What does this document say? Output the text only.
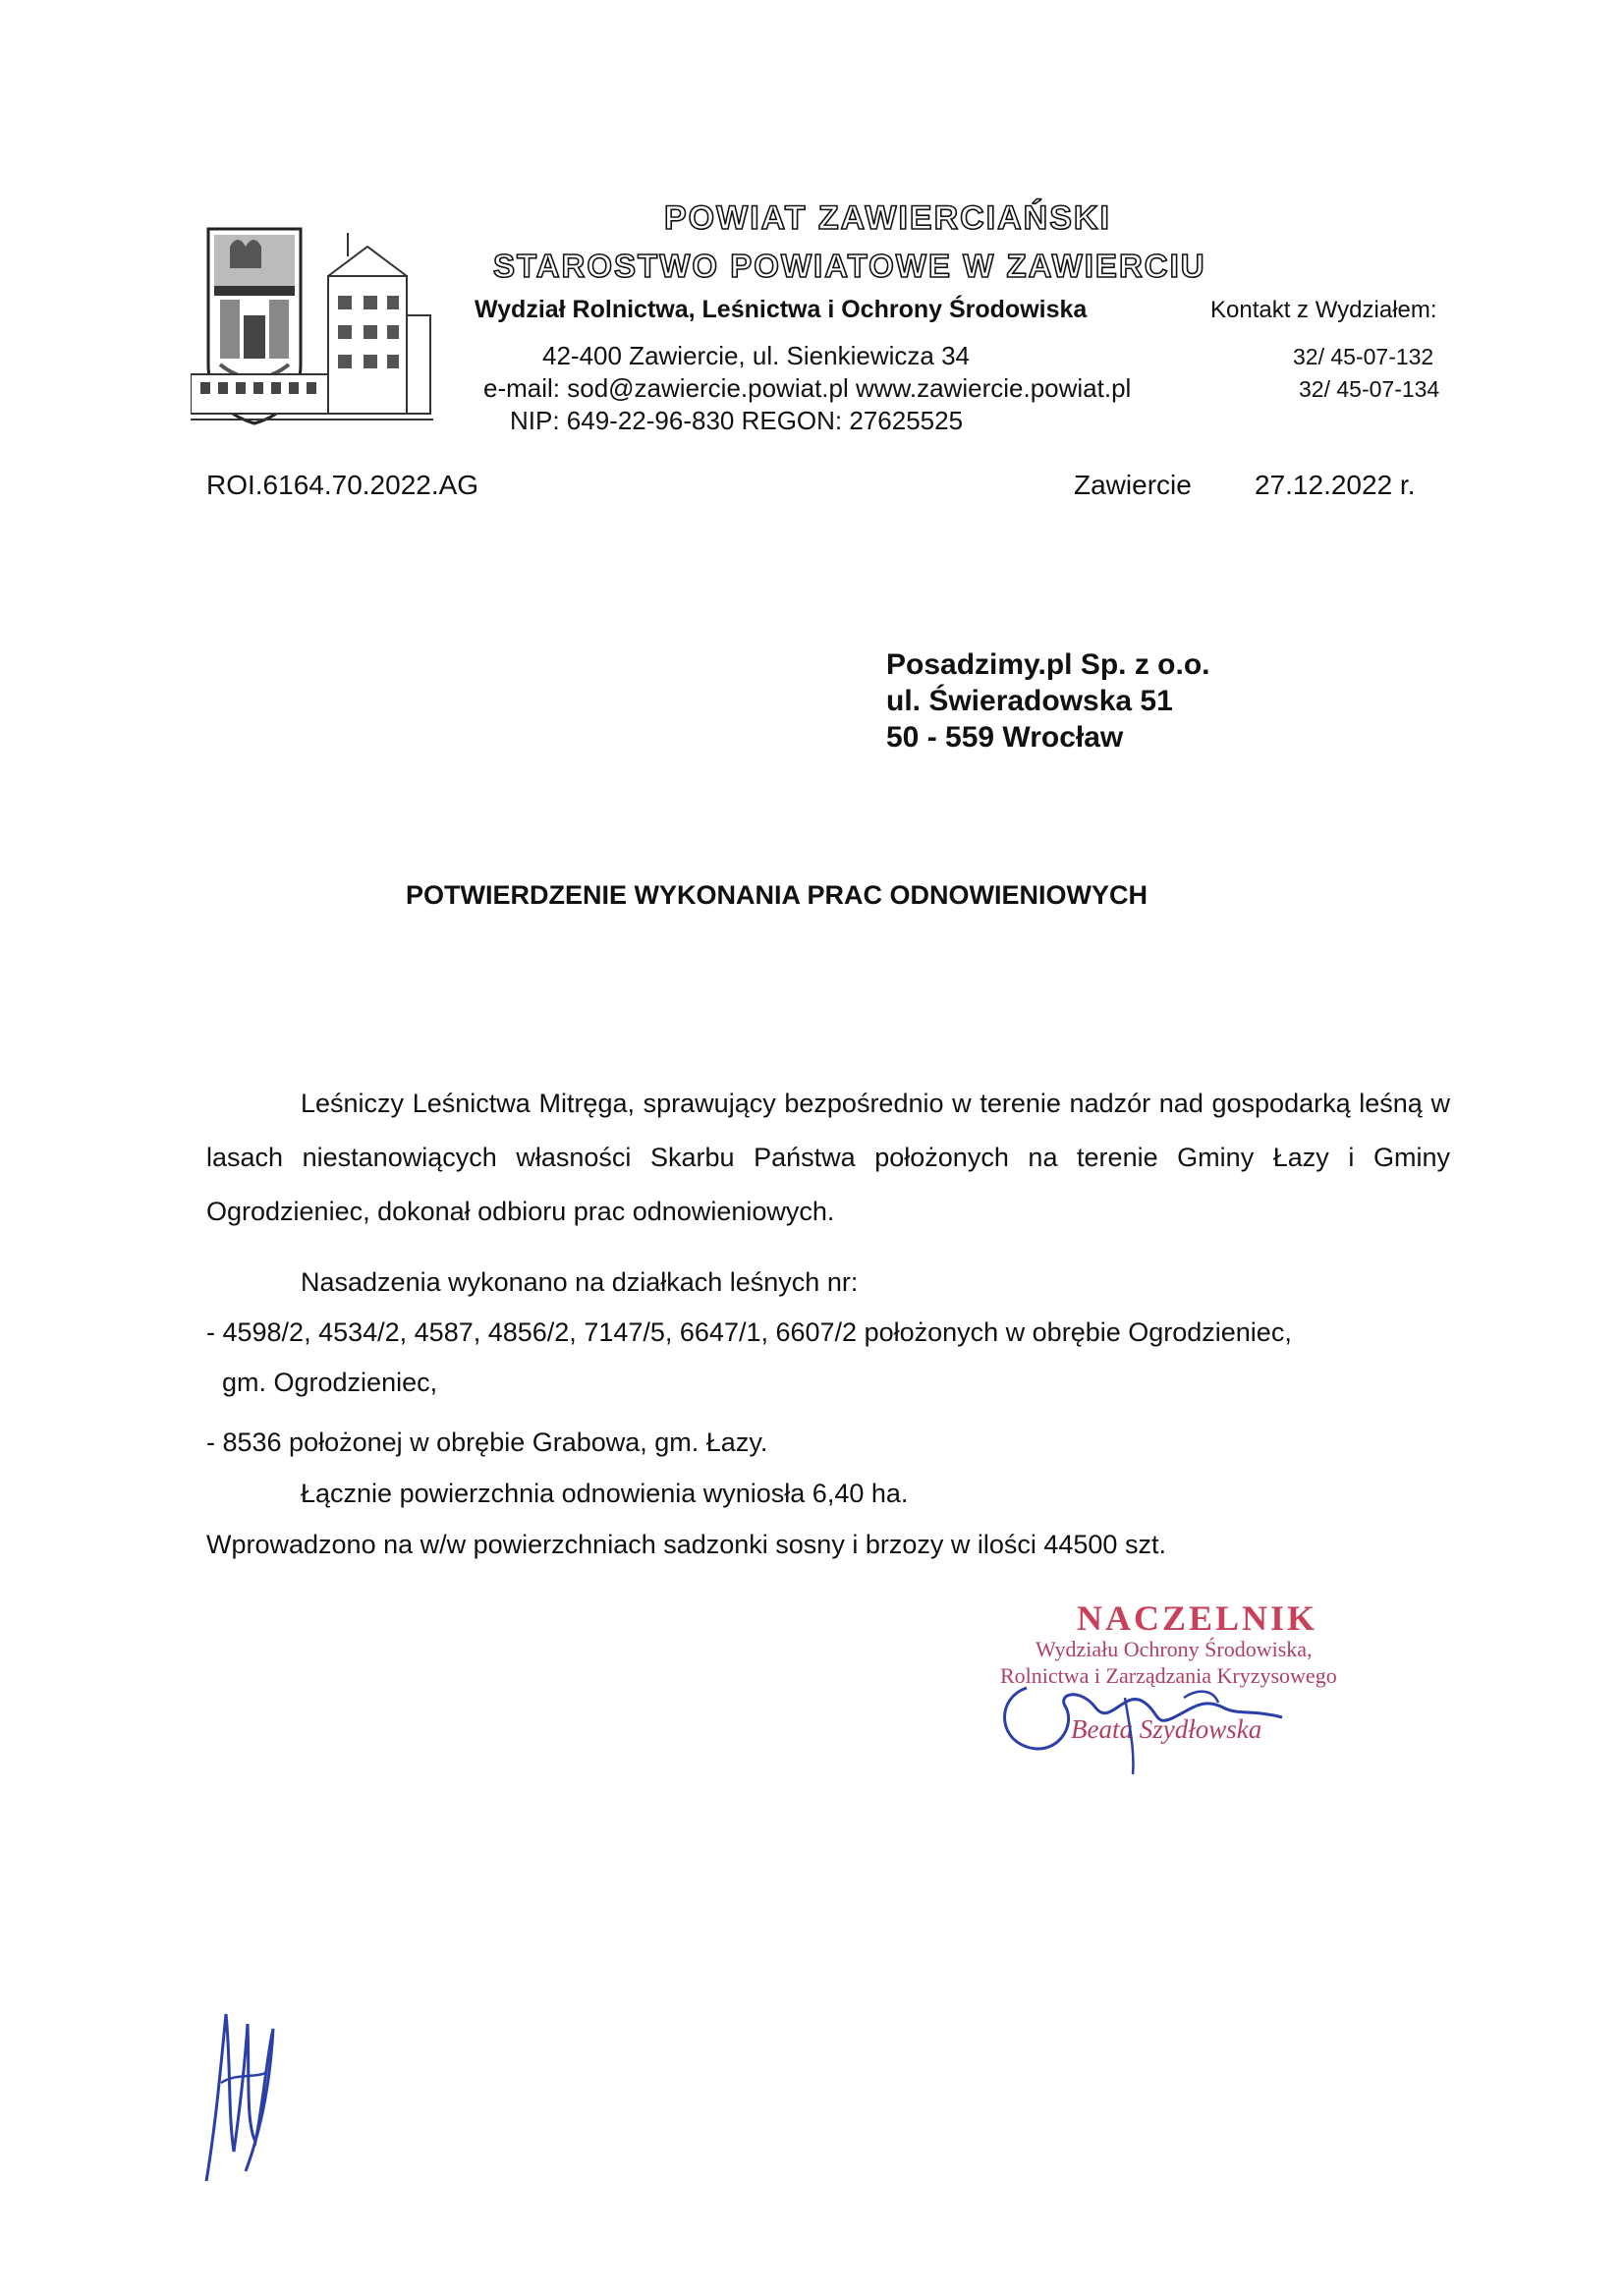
POWIAT ZAWIERCIAŃSKI
STAROSTWO POWIATOWE W ZAWIERCIU
Wydział Rolnictwa, Leśnictwa i Ochrony Środowiska	Kontakt z Wydziałem:
42-400 Zawiercie, ul. Sienkiewicza 34
e-mail: sod@zawiercie.powiat.pl www.zawiercie.powiat.pl
NIP: 649-22-96-830 REGON: 27625525
32/ 45-07-132
32/ 45-07-134
ROI.6164.70.2022.AG	Zawiercie 27.12.2022 r.
Posadzimy.pl Sp. z o.o.
ul. Świeradowska 51
50 - 559 Wrocław
POTWIERDZENIE WYKONANIA PRAC ODNOWIENIOWYCH
Leśniczy Leśnictwa Mitręga, sprawujący bezpośrednio w terenie nadzór nad gospodarką leśną w lasach niestanowiących własności Skarbu Państwa położonych na terenie Gminy Łazy i Gminy Ogrodzieniec, dokonał odbioru prac odnowieniowych.
Nasadzenia wykonano na działkach leśnych nr:
- 4598/2, 4534/2, 4587, 4856/2, 7147/5, 6647/1, 6607/2 położonych w obrębie Ogrodzieniec,
gm. Ogrodzieniec,
- 8536 położonej w obrębie Grabowa, gm. Łazy.
Łącznie powierzchnia odnowienia wyniosła 6,40 ha.
Wprowadzono na w/w powierzchniach sadzonki sosny i brzozy w ilości 44500 szt.
NACZELNIK
Wydziału Ochrony Środowiska,
Rolnictwa i Zarządzania Kryzysowego
Beata Szydłowska
